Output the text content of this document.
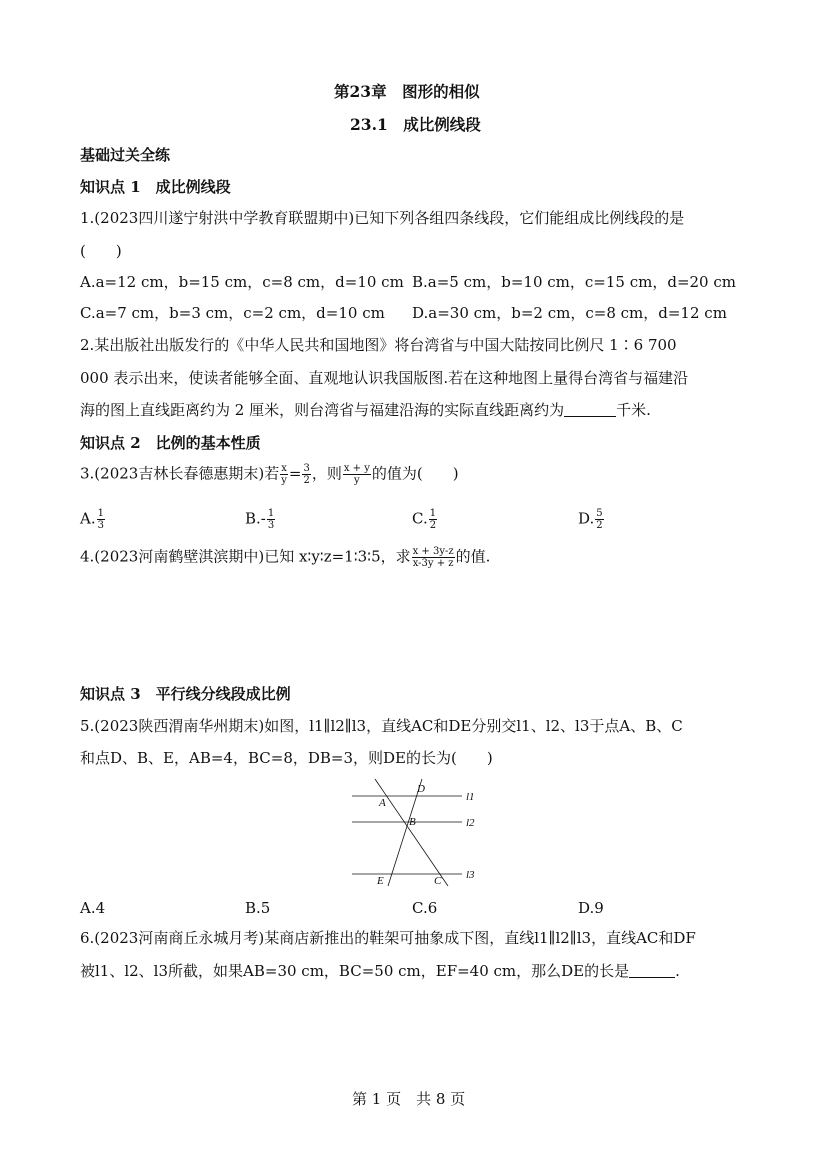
第23章　图形的相似
23.1　成比例线段
基础过关全练
知识点 1　成比例线段
1.(2023四川遂宁射洪中学教育联盟期中)已知下列各组四条线段，它们能组成比例线段的是
(　　)
A.a=12 cm，b=15 cm，c=8 cm，d=10 cm B.a=5 cm，b=10 cm，c=15 cm，d=20 cm
C.a=7 cm，b=3 cm，c=2 cm，d=10 cm D.a=30 cm，b=2 cm，c=8 cm，d=12 cm
2.某出版社出版发行的《中华人民共和国地图》将台湾省与中国大陆按同比例尺 1∶6 700
000 表示出来，使读者能够全面、直观地认识我国版图.若在这种地图上量得台湾省与福建沿
海的图上直线距离约为 2 厘米，则台湾省与福建沿海的实际直线距离约为	千米.
知识点 2　比例的基本性质
3.(2023吉林长春德惠期末)若 $\frac{x}{y} = \frac{3}{2}$ ，则 $\frac{x + y}{y}$ 的值为(　　)
A. $\frac{1}{3}$	$B.- \frac{1}{3}$	C. $\frac{1}{2}$	D. $\frac{5}{2}$
4.(2023河南鹤壁淇滨期中)已知 x∶y∶z=1∶3∶5，求 $\frac{x + 3y-z}{x-3y + z}$ 的值.
知识点 3　平行线分线段成比例
5.(2023陕西渭南华州期末)如图，l1∥l2∥l3，直线AC和DE分别交l1、l2、l3于点A、B、C
和点D、B、E，AB=4，BC=8，DB=3，则DE的长为(　　)
A
D
B
E	C
l1
l2
l3
A.4	B.5	C.6	D.9
6.(2023河南商丘永城月考)某商店新推出的鞋架可抽象成下图，直线l1∥l2∥l3，直线AC和DF
被l1、l2、l3所截，如果AB=30 cm，BC=50 cm，EF=40 cm，那么DE的长是	.
第 1 页　共 8 页
